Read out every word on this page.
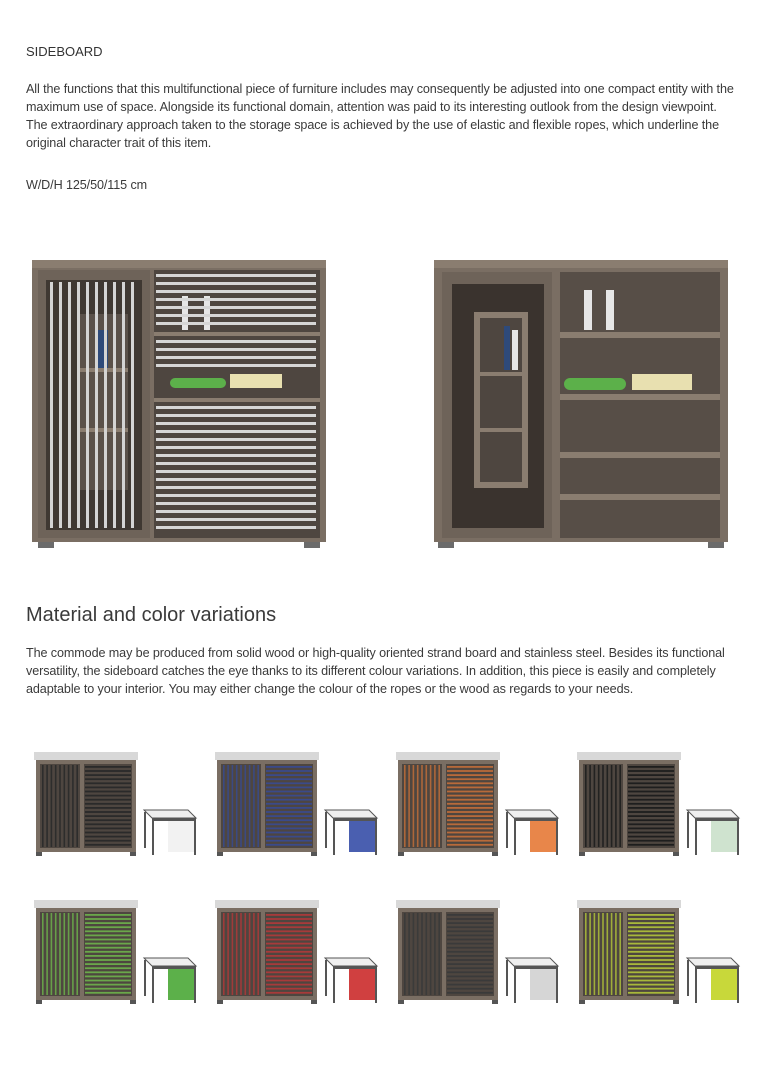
SIDEBOARD

All the functions that this multifunctional piece of furniture includes may consequently be adjusted into one compact entity with the maximum use of space. Alongside its functional domain, attention was paid to its interesting outlook from the design viewpoint. The extraordinary approach taken to the storage space is achieved by the use of elastic and flexible ropes, which underline the original character trait of this item.

W/D/H 125/50/115 cm
Material and color variations

The commode may be produced from solid wood or high-quality oriented strand board and stainless steel. Besides its functional versatility, the sideboard catches the eye thanks to its different colour variations. In addition, this piece is easily and completely adaptable to your interior. You may either change the colour of the ropes or the wood as regards to your needs.
